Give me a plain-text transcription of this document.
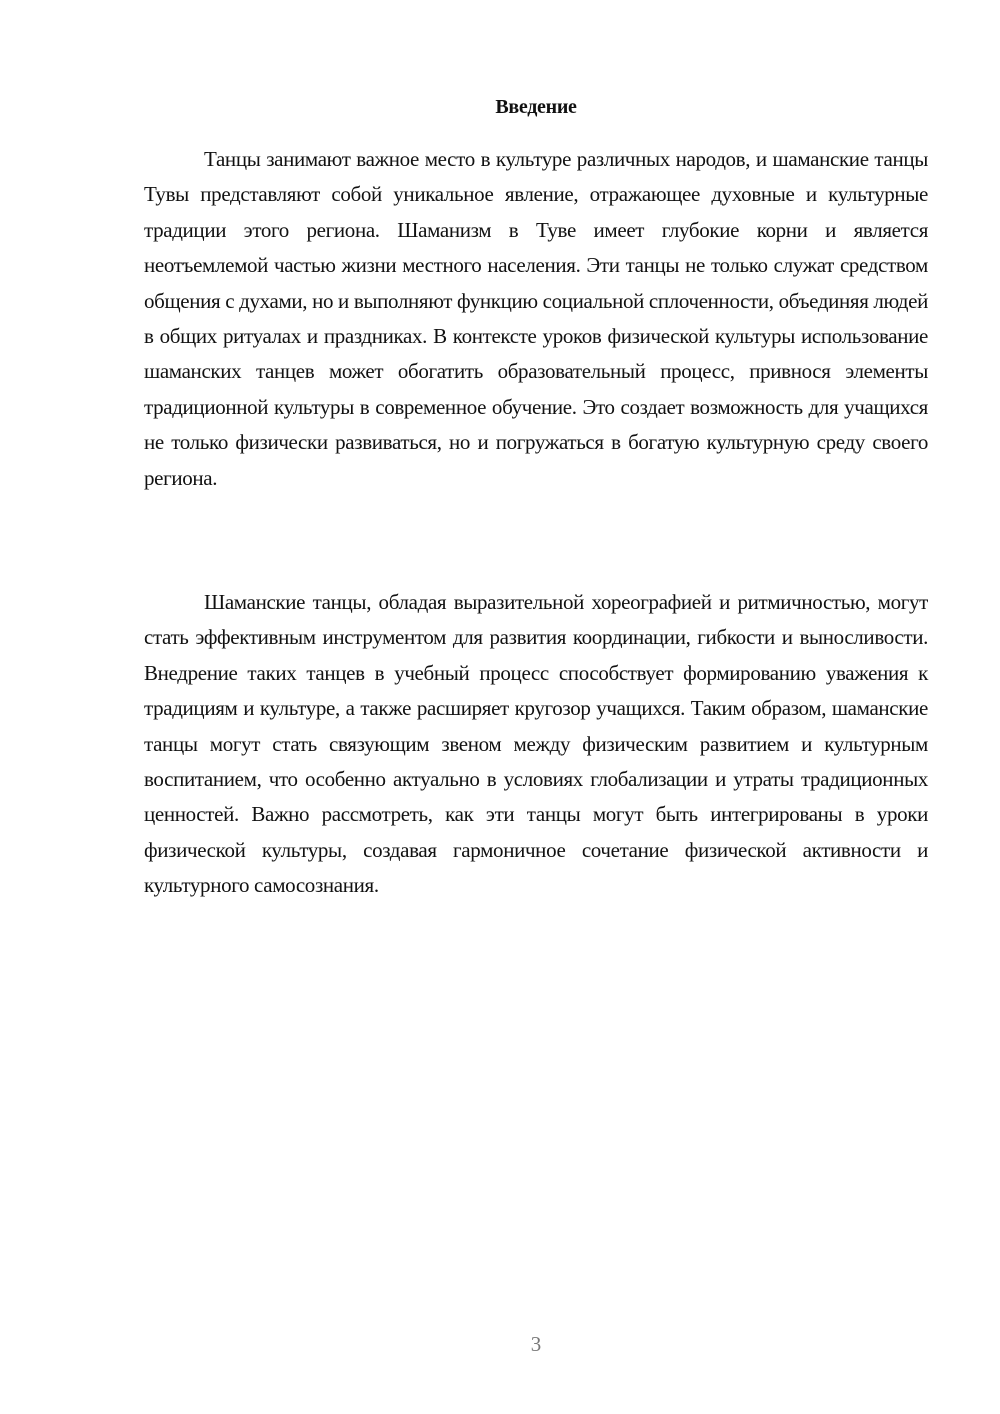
Введение

Танцы занимают важное место в культуре различных народов, и шаманские танцы Тувы представляют собой уникальное явление, отражающее духовные и культурные традиции этого региона. Шаманизм в Туве имеет глубокие корни и является неотъемлемой частью жизни местного населения. Эти танцы не только служат средством общения с духами, но и выполняют функцию социальной сплоченности, объединяя людей в общих ритуалах и праздниках. В контексте уроков физической культуры использование шаманских танцев может обогатить образовательный процесс, привнося элементы традиционной культуры в современное обучение. Это создает возможность для учащихся не только физически развиваться, но и погружаться в богатую культурную среду своего региона.

Шаманские танцы, обладая выразительной хореографией и ритмичностью, могут стать эффективным инструментом для развития координации, гибкости и выносливости. Внедрение таких танцев в учебный процесс способствует формированию уважения к традициям и культуре, а также расширяет кругозор учащихся. Таким образом, шаманские танцы могут стать связующим звеном между физическим развитием и культурным воспитанием, что особенно актуально в условиях глобализации и утраты традиционных ценностей. Важно рассмотреть, как эти танцы могут быть интегрированы в уроки физической культуры, создавая гармоничное сочетание физической активности и культурного самосознания.

3
